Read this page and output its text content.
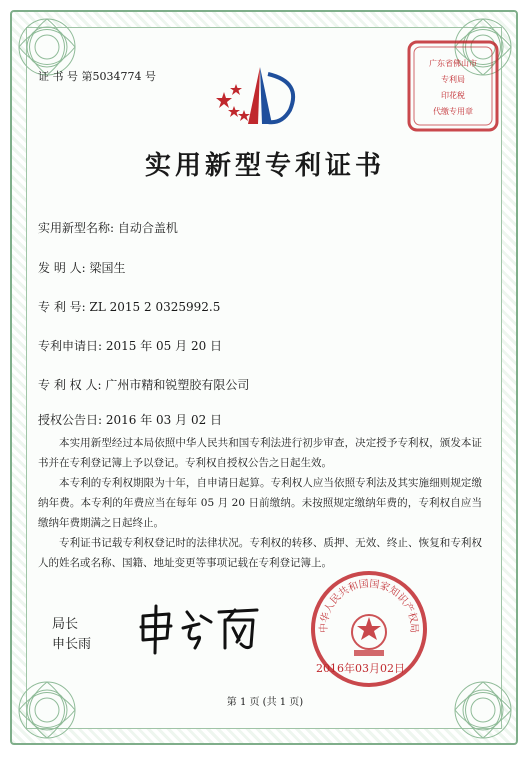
证 书 号 第5034774 号
广东省佛山市
专利局
印花税
代缴专用章
实用新型专利证书
实用新型名称: 自动合盖机
发 明 人: 梁国生
专 利 号: ZL 2015 2 0325992.5
专利申请日: 2015 年 05 月 20 日
专 利 权 人: 广州市精和锐塑胶有限公司
授权公告日: 2016 年 03 月 02 日

本实用新型经过本局依照中华人民共和国专利法进行初步审查，决定授予专利权，颁发本证书并在专利登记簿上予以登记。专利权自授权公告之日起生效。

本专利的专利权期限为十年，自申请日起算。专利权人应当依照专利法及其实施细则规定缴纳年费。本专利的年费应当在每年 05 月 20 日前缴纳。未按照规定缴纳年费的，专利权自应当缴纳年费期满之日起终止。

专利证书记载专利权登记时的法律状况。专利权的转移、质押、无效、终止、恢复和专利权人的姓名或名称、国籍、地址变更等事项记载在专利登记簿上。

局长
申长雨
中华人民共和国国家知识产权局
2016年03月02日
第 1 页 (共 1 页)
